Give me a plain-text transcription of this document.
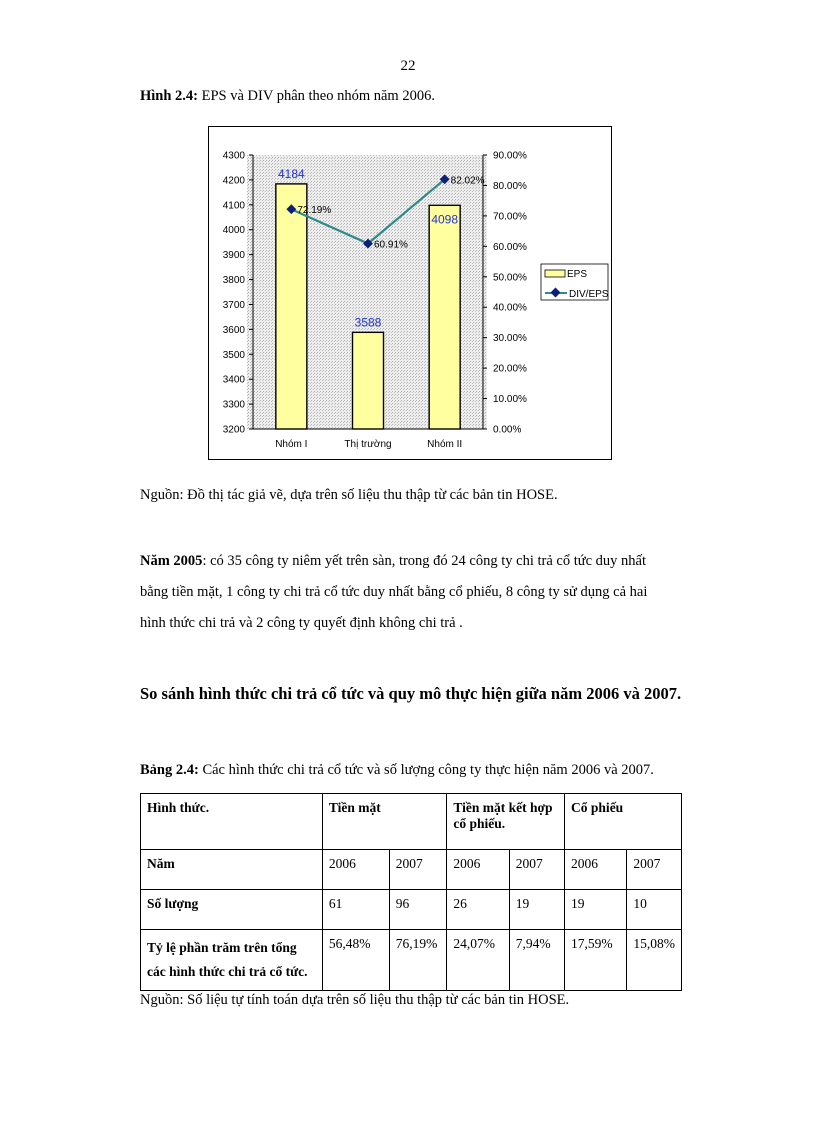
22
Hình 2.4: EPS và DIV phân theo nhóm năm 2006.
3200
3300
3400
3500
3600
3700
3800
3900
4000
4100
4200
4300
0.00%
10.00%
20.00%
30.00%
40.00%
50.00%
60.00%
70.00%
80.00%
90.00%
4184
3588
4098
72.19%
60.91%
82.02%
Nhóm I	Thị trường	Nhóm II
EPS
DIV/EPS
Nguồn: Đồ thị tác giả vẽ, dựa trên số liệu thu thập từ các bản tin HOSE.
Năm 2005: có 35 công ty niêm yết trên sàn, trong đó 24 công ty chi trả cổ tức duy nhất
bằng tiền mặt, 1 công ty chi trả cổ tức duy nhất bằng cổ phiếu, 8 công ty sử dụng cả hai
hình thức chi trả và 2 công ty quyết định không chi trả .
So sánh hình thức chi trả cổ tức và quy mô thực hiện giữa năm 2006 và 2007.
Bảng 2.4: Các hình thức chi trả cổ tức và số lượng công ty thực hiện năm 2006 và 2007.
Hình thức.	Tiền mặt		Tiền mặt kết hợp cổ phiếu.		Cổ phiếu	
Năm	2006	2007	2006	2007	2006	2007
Số lượng	61	96	26	19	19	10
Tỷ lệ phần trăm trên tổng các hình thức chi trả cổ tức.	56,48%	76,19%	24,07%	7,94%	17,59%	15,08%
Nguồn: Số liệu tự tính toán dựa trên số liệu thu thập từ các bản tin HOSE.
